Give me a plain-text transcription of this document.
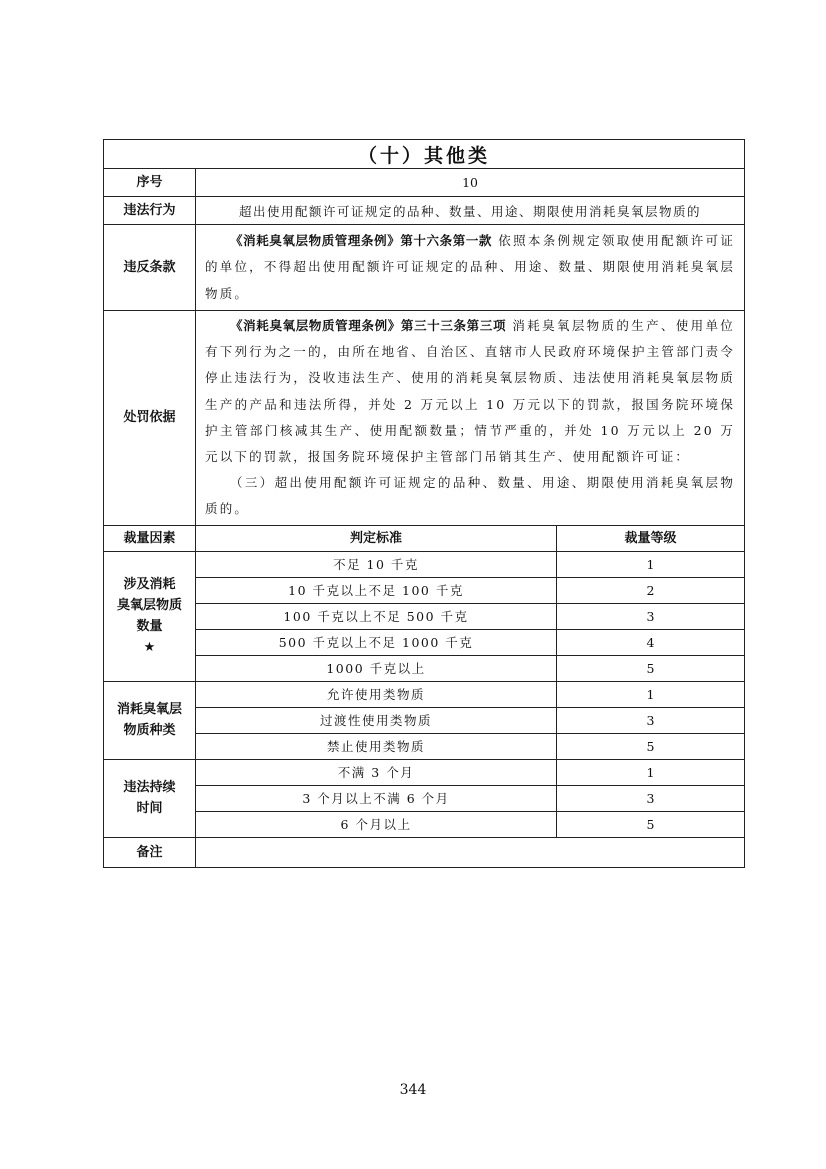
（十）其他类		
序号	10	
违法行为	超出使用配额许可证规定的品种、数量、用途、期限使用消耗臭氧层物质的	
违反条款	《消耗臭氧层物质管理条例》第十六条第一款 依照本条例规定领取使用配额许可证的单位，不得超出使用配额许可证规定的品种、用途、数量、期限使用消耗臭氧层物质。	

处罚依据	《消耗臭氧层物质管理条例》第三十三条第三项 消耗臭氧层物质的生产、使用单位有下列行为之一的，由所在地省、自治区、直辖市人民政府环境保护主管部门责令停止违法行为，没收违法生产、使用的消耗臭氧层物质、违法使用消耗臭氧层物质生产的产品和违法所得，并处 2 万元以上 10 万元以下的罚款，报国务院环境保护主管部门核减其生产、使用配额数量；情节严重的，并处 10 万元以上 20 万元以下的罚款，报国务院环境保护主管部门吊销其生产、使用配额许可证：

（三）超出使用配额许可证规定的品种、数量、用途、期限使用消耗臭氧层物质的。	

裁量因素	判定标准	裁量等级

涉及消耗
臭氧层物质
数量
★	不足 10 千克	1
	10 千克以上不足 100 千克	2
	100 千克以上不足 500 千克	3
	500 千克以上不足 1000 千克	4
	1000 千克以上	5

消耗臭氧层
物质种类	允许使用类物质	1
	过渡性使用类物质	3
	禁止使用类物质	5

违法持续
时间	不满 3 个月	1
	3 个月以上不满 6 个月	3
	6 个月以上	5
备注		
344
